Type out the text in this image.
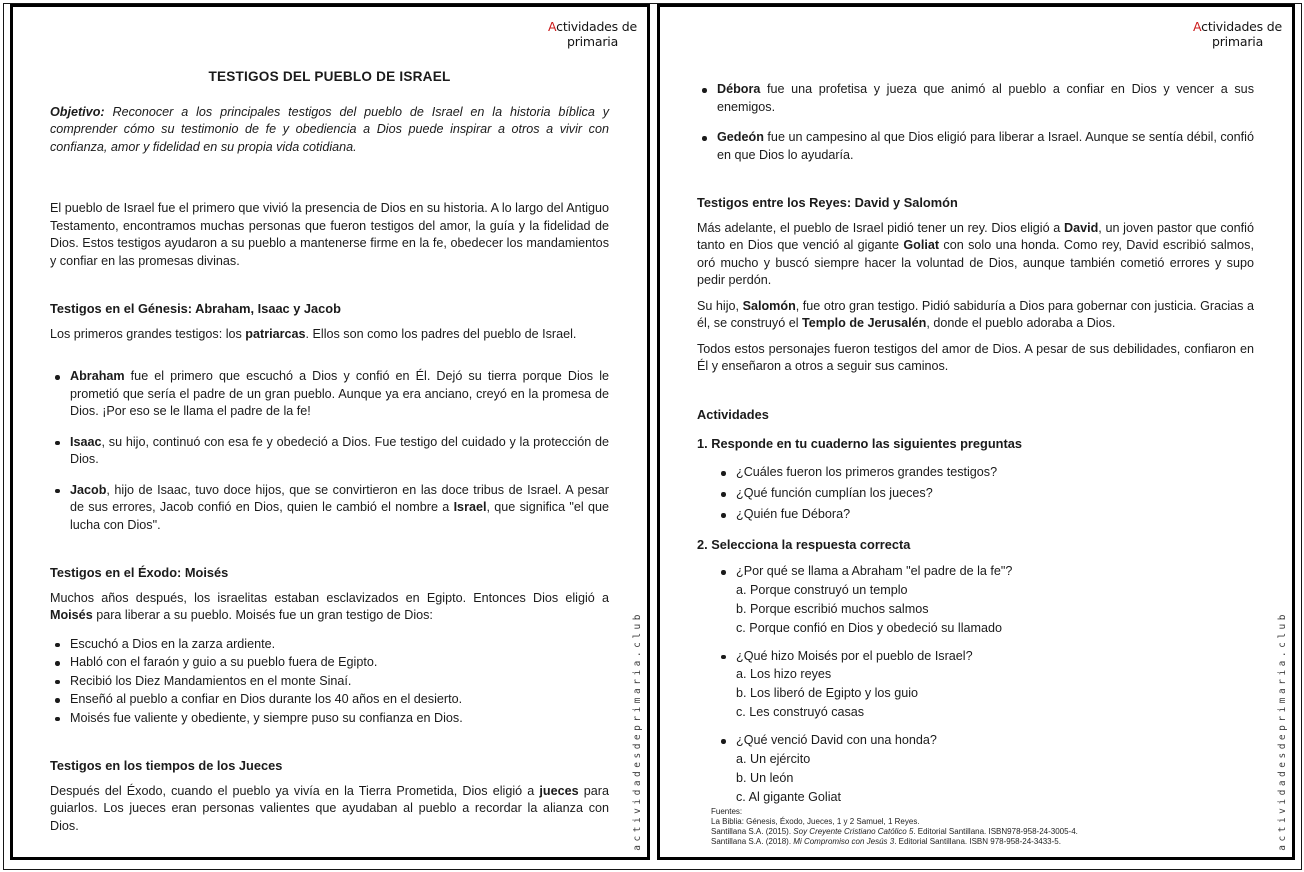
Actividades de
primaria
TESTIGOS DEL PUEBLO DE ISRAEL

Objetivo: Reconocer a los principales testigos del pueblo de Israel en la historia bíblica y comprender cómo su testimonio de fe y obediencia a Dios puede inspirar a otros a vivir con confianza, amor y fidelidad en su propia vida cotidiana.

El pueblo de Israel fue el primero que vivió la presencia de Dios en su historia. A lo largo del Antiguo Testamento, encontramos muchas personas que fueron testigos del amor, la guía y la fidelidad de Dios. Estos testigos ayudaron a su pueblo a mantenerse firme en la fe, obedecer los mandamientos y confiar en las promesas divinas.

Testigos en el Génesis: Abraham, Isaac y Jacob

Los primeros grandes testigos: los patriarcas. Ellos son como los padres del pueblo de Israel.

Abraham fue el primero que escuchó a Dios y confió en Él. Dejó su tierra porque Dios le prometió que sería el padre de un gran pueblo. Aunque ya era anciano, creyó en la promesa de Dios. ¡Por eso se le llama el padre de la fe!
Isaac, su hijo, continuó con esa fe y obedeció a Dios. Fue testigo del cuidado y la protección de Dios.
Jacob, hijo de Isaac, tuvo doce hijos, que se convirtieron en las doce tribus de Israel. A pesar de sus errores, Jacob confió en Dios, quien le cambió el nombre a Israel, que significa "el que lucha con Dios".
Testigos en el Éxodo: Moisés

Muchos años después, los israelitas estaban esclavizados en Egipto. Entonces Dios eligió a Moisés para liberar a su pueblo. Moisés fue un gran testigo de Dios:

Escuchó a Dios en la zarza ardiente.
Habló con el faraón y guio a su pueblo fuera de Egipto.
Recibió los Diez Mandamientos en el monte Sinaí.
Enseñó al pueblo a confiar en Dios durante los 40 años en el desierto.
Moisés fue valiente y obediente, y siempre puso su confianza en Dios.
Testigos en los tiempos de los Jueces

Después del Éxodo, cuando el pueblo ya vivía en la Tierra Prometida, Dios eligió a jueces para guiarlos. Los jueces eran personas valientes que ayudaban al pueblo a recordar la alianza con Dios.	actividadesdeprimaria.club
Actividades de
primaria
Débora fue una profetisa y jueza que animó al pueblo a confiar en Dios y vencer a sus enemigos.
Gedeón fue un campesino al que Dios eligió para liberar a Israel. Aunque se sentía débil, confió en que Dios lo ayudaría.
Testigos entre los Reyes: David y Salomón

Más adelante, el pueblo de Israel pidió tener un rey. Dios eligió a David, un joven pastor que confió tanto en Dios que venció al gigante Goliat con solo una honda. Como rey, David escribió salmos, oró mucho y buscó siempre hacer la voluntad de Dios, aunque también cometió errores y supo pedir perdón.

Su hijo, Salomón, fue otro gran testigo. Pidió sabiduría a Dios para gobernar con justicia. Gracias a él, se construyó el Templo de Jerusalén, donde el pueblo adoraba a Dios.

Todos estos personajes fueron testigos del amor de Dios. A pesar de sus debilidades, confiaron en Él y enseñaron a otros a seguir sus caminos.

Actividades
1. Responde en tu cuaderno las siguientes preguntas
¿Cuáles fueron los primeros grandes testigos?
¿Qué función cumplían los jueces?
¿Quién fue Débora?
2. Selecciona la respuesta correcta
¿Por qué se llama a Abraham "el padre de la fe"?
a. Porque construyó un templo
b. Porque escribió muchos salmos
c. Porque confió en Dios y obedeció su llamado
¿Qué hizo Moisés por el pueblo de Israel?
a. Los hizo reyes
b. Los liberó de Egipto y los guio
c. Les construyó casas
¿Qué venció David con una honda?
a. Un ejército
b. Un león
c. Al gigante Goliat
Fuentes:
La Biblia: Génesis, Éxodo, Jueces, 1 y 2 Samuel, 1 Reyes.
Santillana S.A. (2015). Soy Creyente Cristiano Católico 5. Editorial Santillana. ISBN978-958-24-3005-4.
Santillana S.A. (2018). Mi Compromiso con Jesús 3. Editorial Santillana. ISBN 978-958-24-3433-5.	actividadesdeprimaria.club
